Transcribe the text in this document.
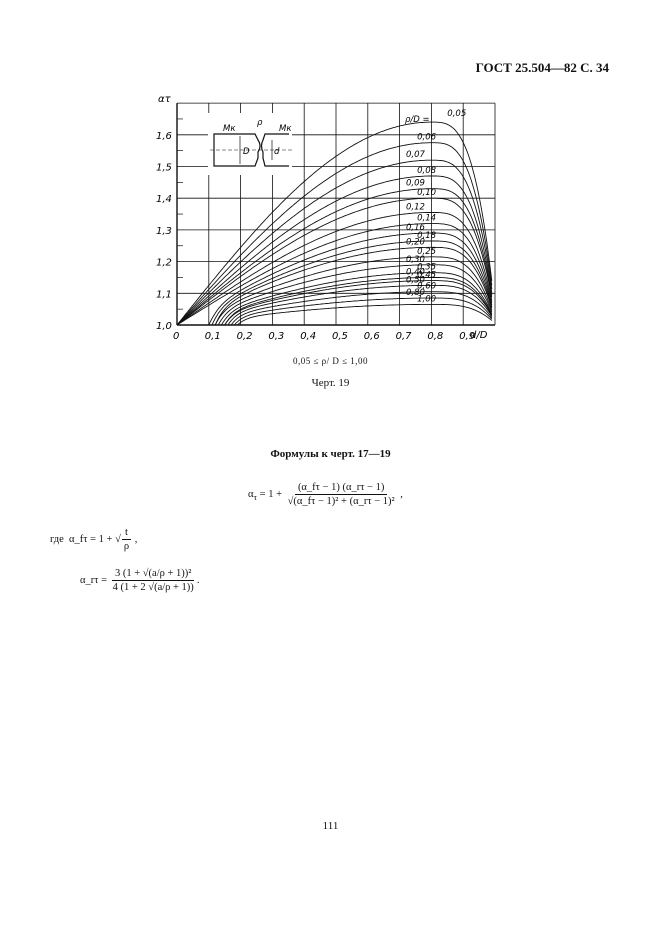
ГОСТ 25.504—82 С. 34
0	0,1 0,2 0,3 0,4 0,5 0,6 0,7 0,8 0,9
1,0
1,1
1,2
1,3
1,4
1,5
1,6
0,05
0,06
0,07
0,08
0,09
0,10
0,12
0,14
0,16
0,18
0,20
0,25
0,30
0,35
0,40
0,45
0,50
0,60
0,80
1,00
Mк
ρ
Mк
D	d
ατ
d/D
ρ/D =
0,05 ≤ ρ/ D ≤ 1,00
Черт. 19
Формулы к черт. 17—19
$\alpha_\tau = 1 + \frac{(\alpha\_f\tau - 1) (\alpha\_r\tau - 1)}{\text{√(α\_fτ − 1)² + (α\_rτ − 1)²}}$ ,
где α_fτ = 1 + √ $\frac{t}{\rho}$ ,
α_rτ = $\frac{\text{3 (1 + √(a/ρ + 1))²}}{4 (1 + 2 √(a/\rho + 1))}$ .
111
